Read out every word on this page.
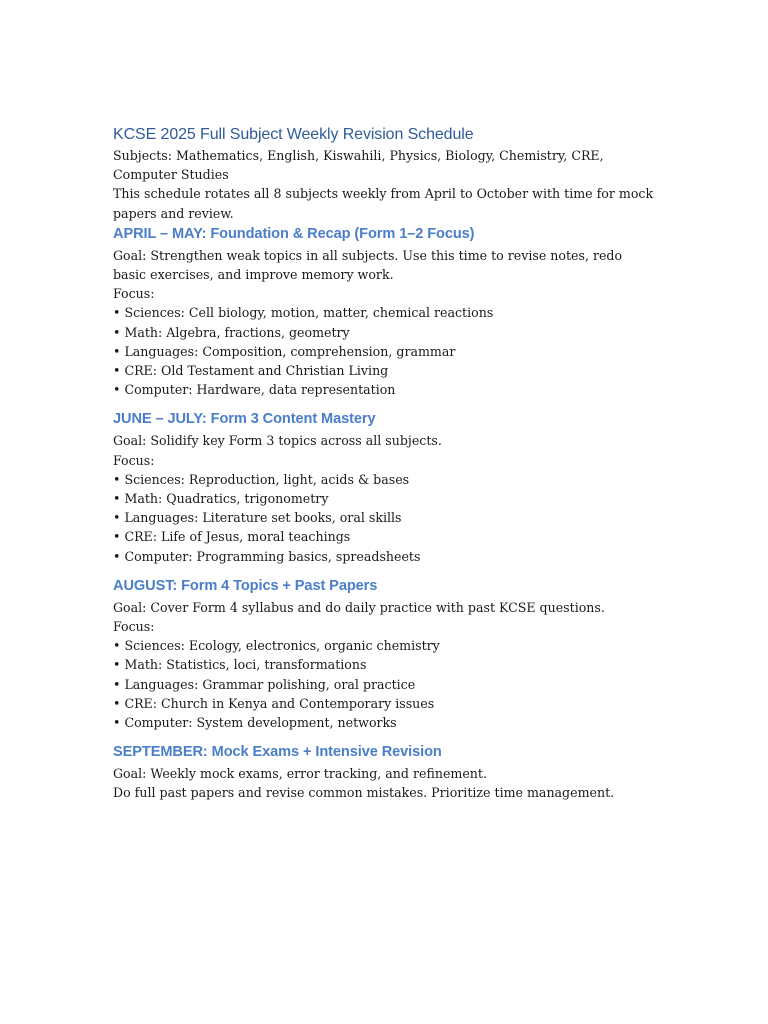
KCSE 2025 Full Subject Weekly Revision Schedule

Subjects: Mathematics, English, Kiswahili, Physics, Biology, Chemistry, CRE, Computer Studies

This schedule rotates all 8 subjects weekly from April to October with time for mock papers and review.

APRIL – MAY: Foundation & Recap (Form 1–2 Focus)

Goal: Strengthen weak topics in all subjects. Use this time to revise notes, redo basic exercises, and improve memory work.

Focus:

• Sciences: Cell biology, motion, matter, chemical reactions
• Math: Algebra, fractions, geometry
• Languages: Composition, comprehension, grammar
• CRE: Old Testament and Christian Living
• Computer: Hardware, data representation
JUNE – JULY: Form 3 Content Mastery

Goal: Solidify key Form 3 topics across all subjects.

Focus:

• Sciences: Reproduction, light, acids & bases
• Math: Quadratics, trigonometry
• Languages: Literature set books, oral skills
• CRE: Life of Jesus, moral teachings
• Computer: Programming basics, spreadsheets
AUGUST: Form 4 Topics + Past Papers

Goal: Cover Form 4 syllabus and do daily practice with past KCSE questions.

Focus:

• Sciences: Ecology, electronics, organic chemistry
• Math: Statistics, loci, transformations
• Languages: Grammar polishing, oral practice
• CRE: Church in Kenya and Contemporary issues
• Computer: System development, networks
SEPTEMBER: Mock Exams + Intensive Revision

Goal: Weekly mock exams, error tracking, and refinement.

Do full past papers and revise common mistakes. Prioritize time management.
